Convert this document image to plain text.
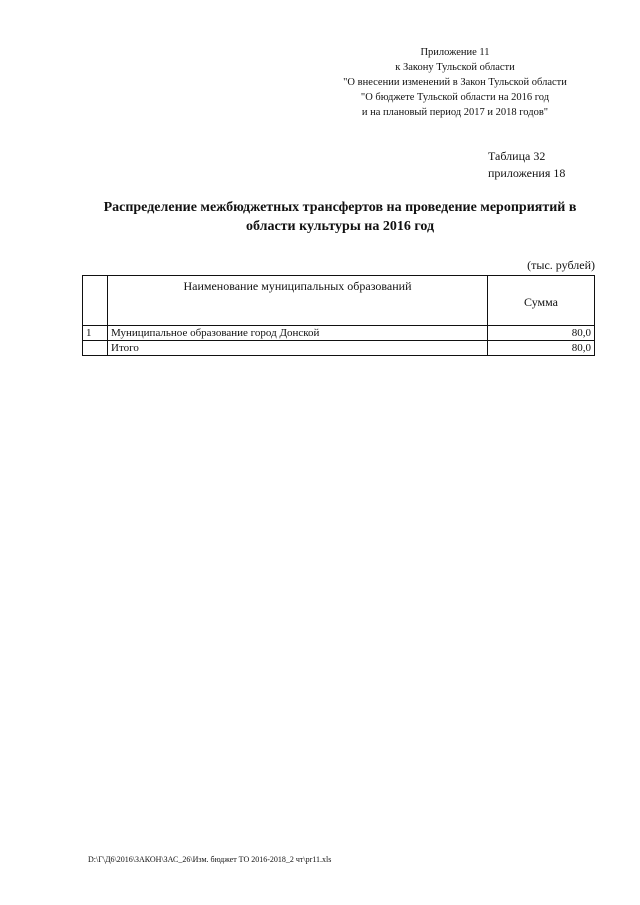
Приложение 11
к Закону Тульской области
"О внесении изменений в Закон Тульской области
"О бюджете Тульской области на 2016 год
и на плановый период 2017 и 2018 годов"
Таблица 32
приложения 18
Распределение межбюджетных трансфертов на проведение мероприятий в
области культуры на 2016 год
(тыс. рублей)
	Наименование муниципальных образований	Сумма
1	Муниципальное образование город Донской	80,0
	Итого	80,0
D:\Г\Д6\2016\ЗАКОН\ЗАС_26\Изм. бюджет ТО 2016-2018_2 чт\pr11.xls
